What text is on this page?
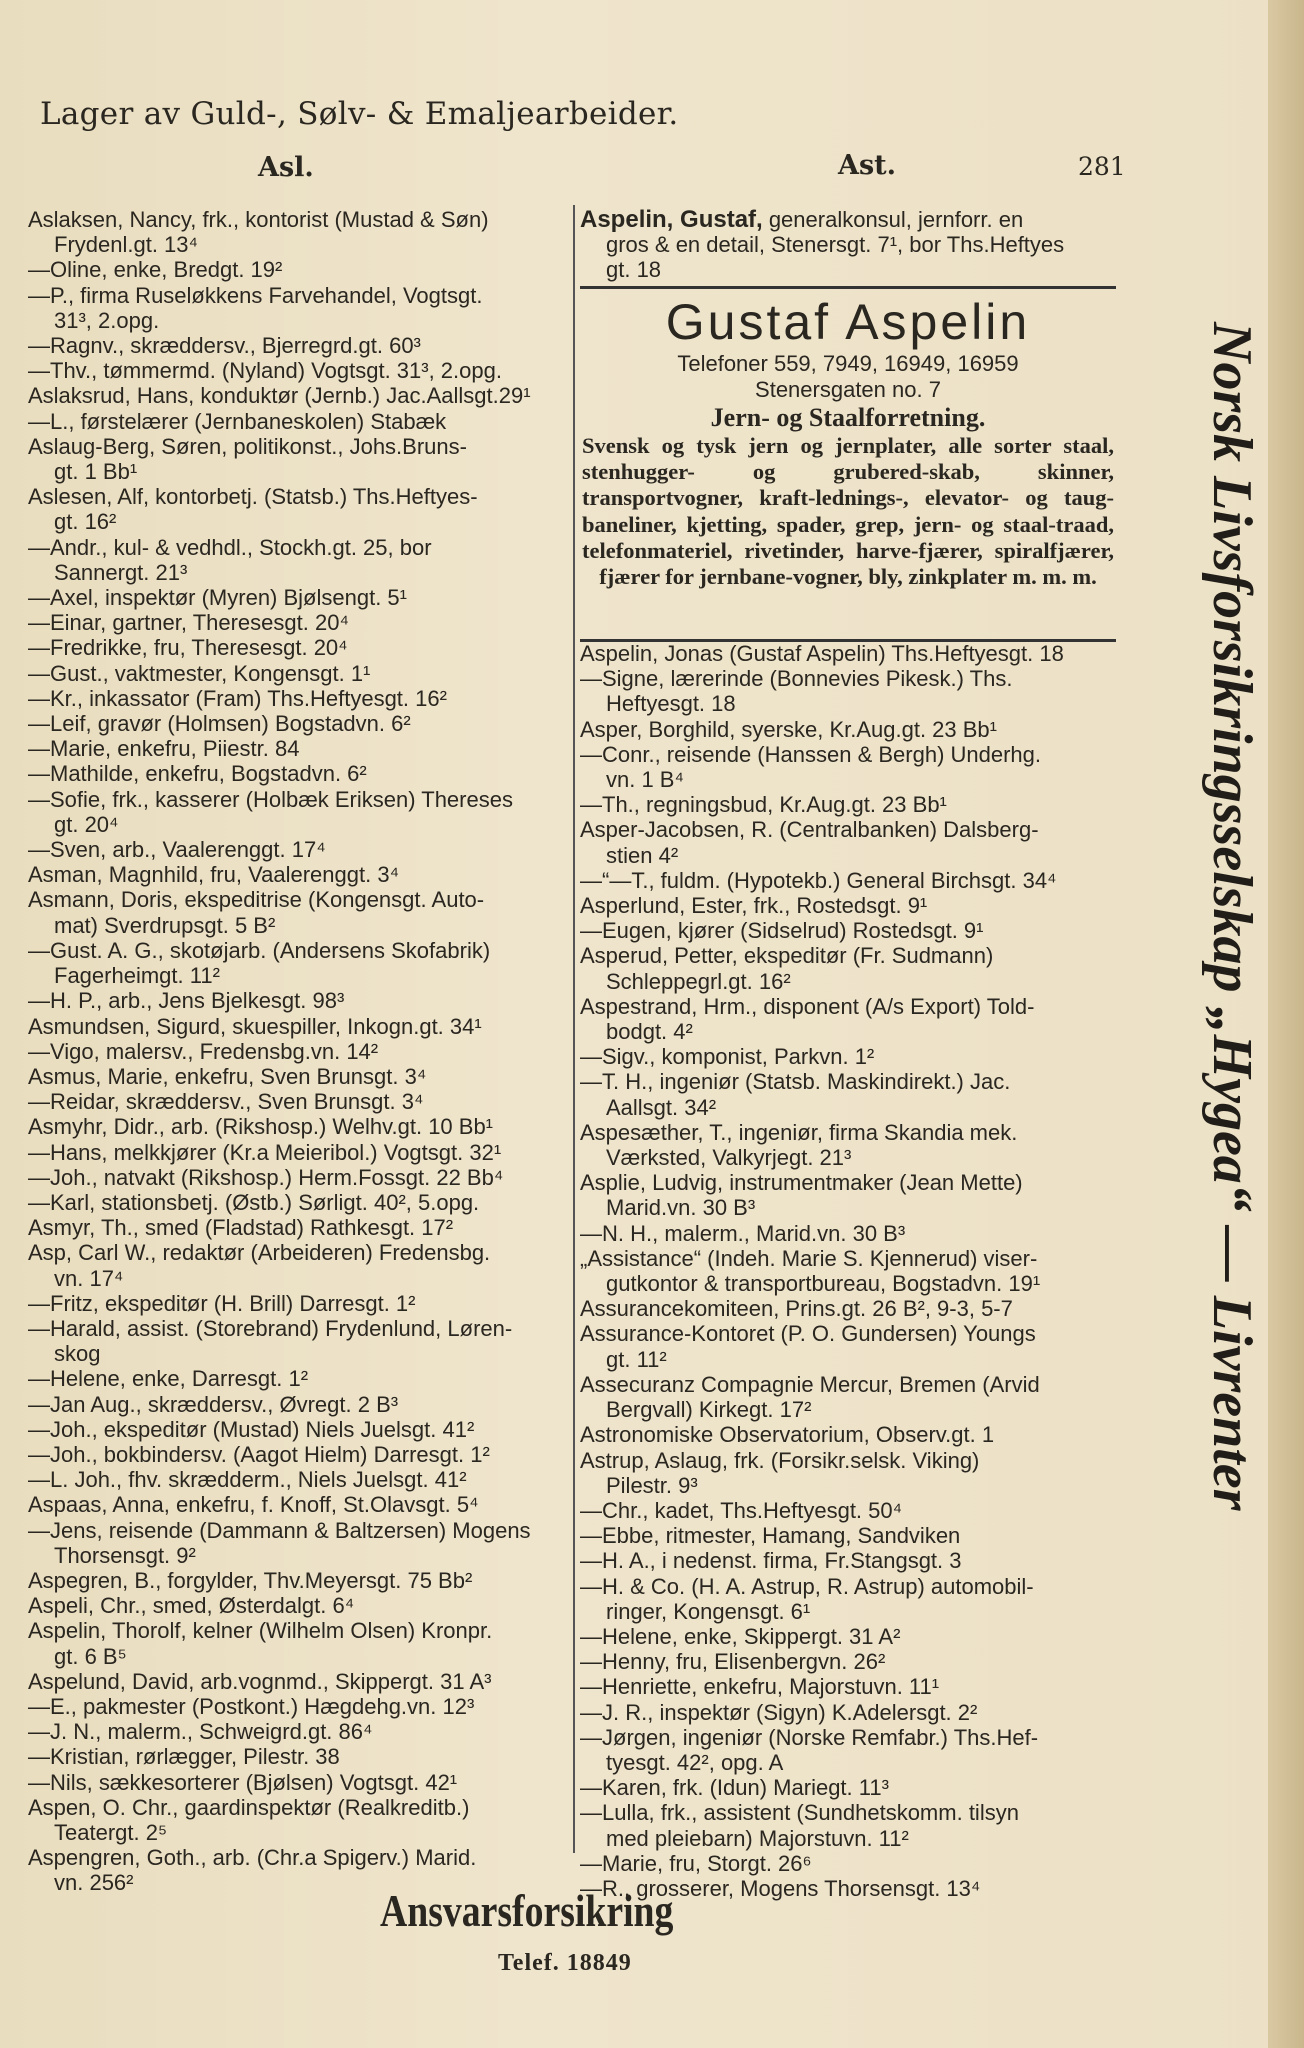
Lager av Guld-, Sølv- & Emaljearbeider.
Asl.	Ast.	281
Aslaksen, Nancy, frk., kontorist (Mustad & Søn)
Frydenl.gt. 13⁴
—Oline, enke, Bredgt. 19²
—P., firma Ruseløkkens Farvehandel, Vogtsgt.
31³, 2.opg.
—Ragnv., skræddersv., Bjerregrd.gt. 60³
—Thv., tømmermd. (Nyland) Vogtsgt. 31³, 2.opg.
Aslaksrud, Hans, konduktør (Jernb.) Jac.Aallsgt.29¹
—L., førstelærer (Jernbaneskolen) Stabæk
Aslaug-Berg, Søren, politikonst., Johs.Bruns-
gt. 1 Bb¹
Aslesen, Alf, kontorbetj. (Statsb.) Ths.Heftyes-
gt. 16²
—Andr., kul- & vedhdl., Stockh.gt. 25, bor
Sannergt. 21³
—Axel, inspektør (Myren) Bjølsengt. 5¹
—Einar, gartner, Theresesgt. 20⁴
—Fredrikke, fru, Theresesgt. 20⁴
—Gust., vaktmester, Kongensgt. 1¹
—Kr., inkassator (Fram) Ths.Heftyesgt. 16²
—Leif, gravør (Holmsen) Bogstadvn. 6²
—Marie, enkefru, Piiestr. 84
—Mathilde, enkefru, Bogstadvn. 6²
—Sofie, frk., kasserer (Holbæk Eriksen) Thereses
gt. 20⁴
—Sven, arb., Vaalerenggt. 17⁴
Asman, Magnhild, fru, Vaalerenggt. 3⁴
Asmann, Doris, ekspeditrise (Kongensgt. Auto-
mat) Sverdrupsgt. 5 B²
—Gust. A. G., skotøjarb. (Andersens Skofabrik)
Fagerheimgt. 11²
—H. P., arb., Jens Bjelkesgt. 98³
Asmundsen, Sigurd, skuespiller, Inkogn.gt. 34¹
—Vigo, malersv., Fredensbg.vn. 14²
Asmus, Marie, enkefru, Sven Brunsgt. 3⁴
—Reidar, skræddersv., Sven Brunsgt. 3⁴
Asmyhr, Didr., arb. (Rikshosp.) Welhv.gt. 10 Bb¹
—Hans, melkkjører (Kr.a Meieribol.) Vogtsgt. 32¹
—Joh., natvakt (Rikshosp.) Herm.Fossgt. 22 Bb⁴
—Karl, stationsbetj. (Østb.) Sørligt. 40², 5.opg.
Asmyr, Th., smed (Fladstad) Rathkesgt. 17²
Asp, Carl W., redaktør (Arbeideren) Fredensbg.
vn. 17⁴
—Fritz, ekspeditør (H. Brill) Darresgt. 1²
—Harald, assist. (Storebrand) Frydenlund, Løren-
skog
—Helene, enke, Darresgt. 1²
—Jan Aug., skræddersv., Øvregt. 2 B³
—Joh., ekspeditør (Mustad) Niels Juelsgt. 41²
—Joh., bokbindersv. (Aagot Hielm) Darresgt. 1²
—L. Joh., fhv. skrædderm., Niels Juelsgt. 41²
Aspaas, Anna, enkefru, f. Knoff, St.Olavsgt. 5⁴
—Jens, reisende (Dammann & Baltzersen) Mogens
Thorsensgt. 9²
Aspegren, B., forgylder, Thv.Meyersgt. 75 Bb²
Aspeli, Chr., smed, Østerdalgt. 6⁴
Aspelin, Thorolf, kelner (Wilhelm Olsen) Kronpr.
gt. 6 B⁵
Aspelund, David, arb.vognmd., Skippergt. 31 A³
—E., pakmester (Postkont.) Hægdehg.vn. 12³
—J. N., malerm., Schweigrd.gt. 86⁴
—Kristian, rørlægger, Pilestr. 38
—Nils, sækkesorterer (Bjølsen) Vogtsgt. 42¹
Aspen, O. Chr., gaardinspektør (Realkreditb.)
Teatergt. 2⁵
Aspengren, Goth., arb. (Chr.a Spigerv.) Marid.
vn. 256²
Aspelin, Gustaf, generalkonsul, jernforr. en
gros & en detail, Stenersgt. 7¹, bor Ths.Heftyes
gt. 18
Gustaf Aspelin
Telefoner 559, 7949, 16949, 16959
Stenersgaten no. 7
Jern- og Staalforretning.
Svensk og tysk jern og jernplater, alle sorter staal, stenhugger- og grubered-skab, skinner, transportvogner, kraft-lednings-, elevator- og taug-baneliner, kjetting, spader, grep, jern- og staal-traad, telefonmateriel, rivetinder, harve-fjærer, spiralfjærer, fjærer for jernbane-vogner, bly, zinkplater m. m. m.
Aspelin, Jonas (Gustaf Aspelin) Ths.Heftyesgt. 18
—Signe, lærerinde (Bonnevies Pikesk.) Ths.
Heftyesgt. 18
Asper, Borghild, syerske, Kr.Aug.gt. 23 Bb¹
—Conr., reisende (Hanssen & Bergh) Underhg.
vn. 1 B⁴
—Th., regningsbud, Kr.Aug.gt. 23 Bb¹
Asper-Jacobsen, R. (Centralbanken) Dalsberg-
stien 4²
—“—T., fuldm. (Hypotekb.) General Birchsgt. 34⁴
Asperlund, Ester, frk., Rostedsgt. 9¹
—Eugen, kjører (Sidselrud) Rostedsgt. 9¹
Asperud, Petter, ekspeditør (Fr. Sudmann)
Schleppegrl.gt. 16²
Aspestrand, Hrm., disponent (A/s Export) Told-
bodgt. 4²
—Sigv., komponist, Parkvn. 1²
—T. H., ingeniør (Statsb. Maskindirekt.) Jac.
Aallsgt. 34²
Aspesæther, T., ingeniør, firma Skandia mek.
Værksted, Valkyrjegt. 21³
Asplie, Ludvig, instrumentmaker (Jean Mette)
Marid.vn. 30 B³
—N. H., malerm., Marid.vn. 30 B³
„Assistance“ (Indeh. Marie S. Kjennerud) viser-
gutkontor & transportbureau, Bogstadvn. 19¹
Assurancekomiteen, Prins.gt. 26 B², 9-3, 5-7
Assurance-Kontoret (P. O. Gundersen) Youngs
gt. 11²
Assecuranz Compagnie Mercur, Bremen (Arvid
Bergvall) Kirkegt. 17²
Astronomiske Observatorium, Observ.gt. 1
Astrup, Aslaug, frk. (Forsikr.selsk. Viking)
Pilestr. 9³
—Chr., kadet, Ths.Heftyesgt. 50⁴
—Ebbe, ritmester, Hamang, Sandviken
—H. A., i nedenst. firma, Fr.Stangsgt. 3
—H. & Co. (H. A. Astrup, R. Astrup) automobil-
ringer, Kongensgt. 6¹
—Helene, enke, Skippergt. 31 A²
—Henny, fru, Elisenbergvn. 26²
—Henriette, enkefru, Majorstuvn. 11¹
—J. R., inspektør (Sigyn) K.Adelersgt. 2²
—Jørgen, ingeniør (Norske Remfabr.) Ths.Hef-
tyesgt. 42², opg. A
—Karen, frk. (Idun) Mariegt. 11³
—Lulla, frk., assistent (Sundhetskomm. tilsyn
med pleiebarn) Majorstuvn. 11²
—Marie, fru, Storgt. 26⁶
—R., grosserer, Mogens Thorsensgt. 13⁴
Ansvarsforsikring
Telef. 18849
Norsk Livsforsikringsselskap „Hygea“ — Livrenter
